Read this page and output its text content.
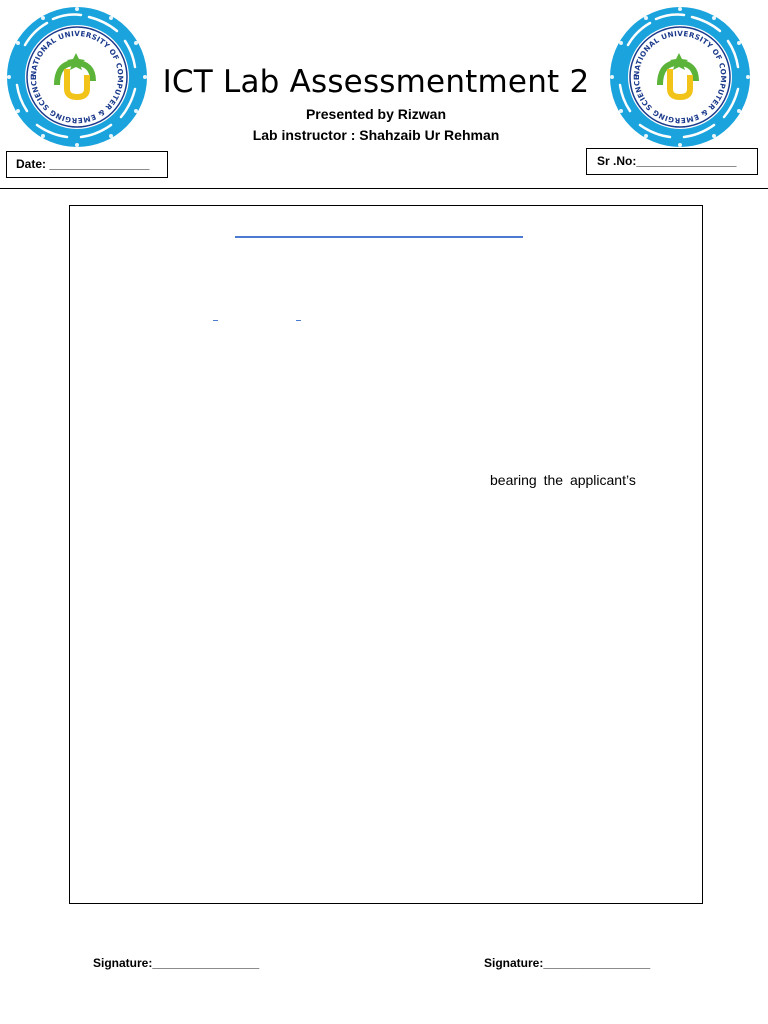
NATIONAL UNIVERSITY OF COMPUTER & EMERGING SCIENCE
NATIONAL UNIVERSITY OF COMPUTER & EMERGING SCIENCE
ICT Lab Assessmentment 2
Presented by Rizwan
Lab instructor : Shahzaib Ur Rehman
Date: _______________	Sr .No:_______________
bearing the applicant’s
Signature:________________	Signature:________________
